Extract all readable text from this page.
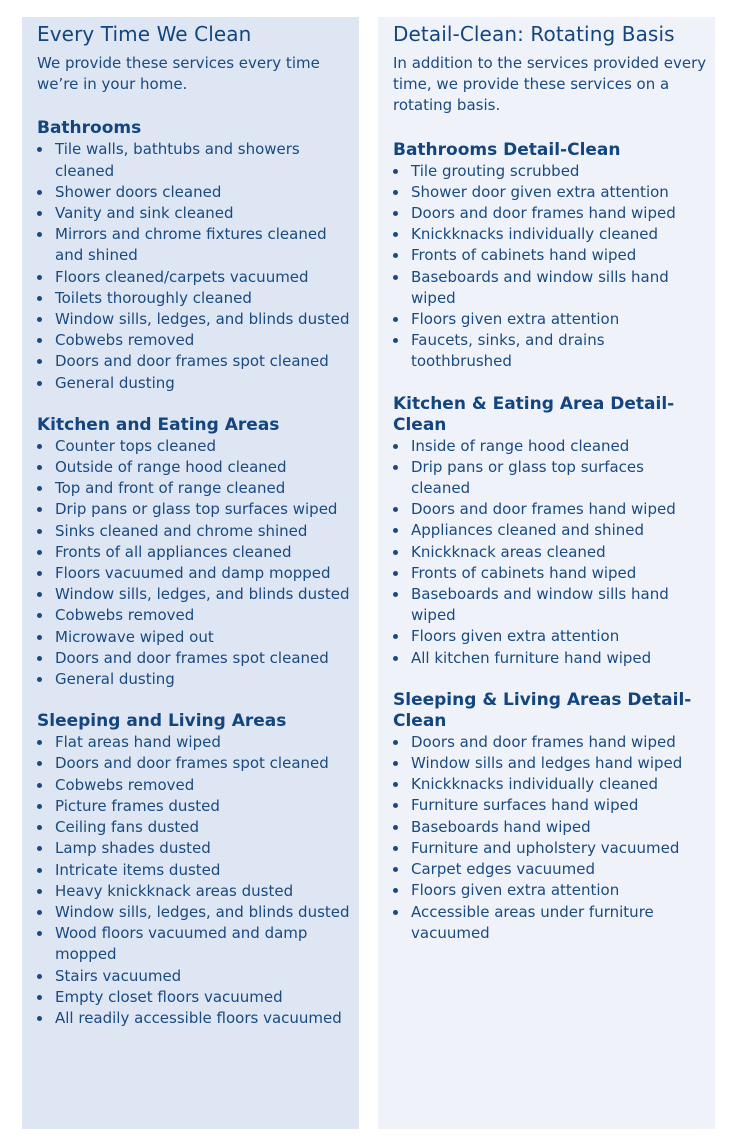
Every Time We Clean

We provide these services every time we’re in your home.

Bathrooms
Tile walls, bathtubs and showers cleaned
Shower doors cleaned
Vanity and sink cleaned
Mirrors and chrome fixtures cleaned and shined
Floors cleaned/carpets vacuumed
Toilets thoroughly cleaned
Window sills, ledges, and blinds dusted
Cobwebs removed
Doors and door frames spot cleaned
General dusting
Kitchen and Eating Areas
Counter tops cleaned
Outside of range hood cleaned
Top and front of range cleaned
Drip pans or glass top surfaces wiped
Sinks cleaned and chrome shined
Fronts of all appliances cleaned
Floors vacuumed and damp mopped
Window sills, ledges, and blinds dusted
Cobwebs removed
Microwave wiped out
Doors and door frames spot cleaned
General dusting
Sleeping and Living Areas
Flat areas hand wiped
Doors and door frames spot cleaned
Cobwebs removed
Picture frames dusted
Ceiling fans dusted
Lamp shades dusted
Intricate items dusted
Heavy knickknack areas dusted
Window sills, ledges, and blinds dusted
Wood floors vacuumed and damp mopped
Stairs vacuumed
Empty closet floors vacuumed
All readily accessible floors vacuumed
Detail-Clean: Rotating Basis

In addition to the services provided every time, we provide these services on a rotating basis.

Bathrooms Detail-Clean
Tile grouting scrubbed
Shower door given extra attention
Doors and door frames hand wiped
Knickknacks individually cleaned
Fronts of cabinets hand wiped
Baseboards and window sills hand wiped
Floors given extra attention
Faucets, sinks, and drains toothbrushed
Kitchen & Eating Area Detail-Clean
Inside of range hood cleaned
Drip pans or glass top surfaces cleaned
Doors and door frames hand wiped
Appliances cleaned and shined
Knickknack areas cleaned
Fronts of cabinets hand wiped
Baseboards and window sills hand wiped
Floors given extra attention
All kitchen furniture hand wiped
Sleeping & Living Areas Detail-Clean
Doors and door frames hand wiped
Window sills and ledges hand wiped
Knickknacks individually cleaned
Furniture surfaces hand wiped
Baseboards hand wiped
Furniture and upholstery vacuumed
Carpet edges vacuumed
Floors given extra attention
Accessible areas under furniture vacuumed
